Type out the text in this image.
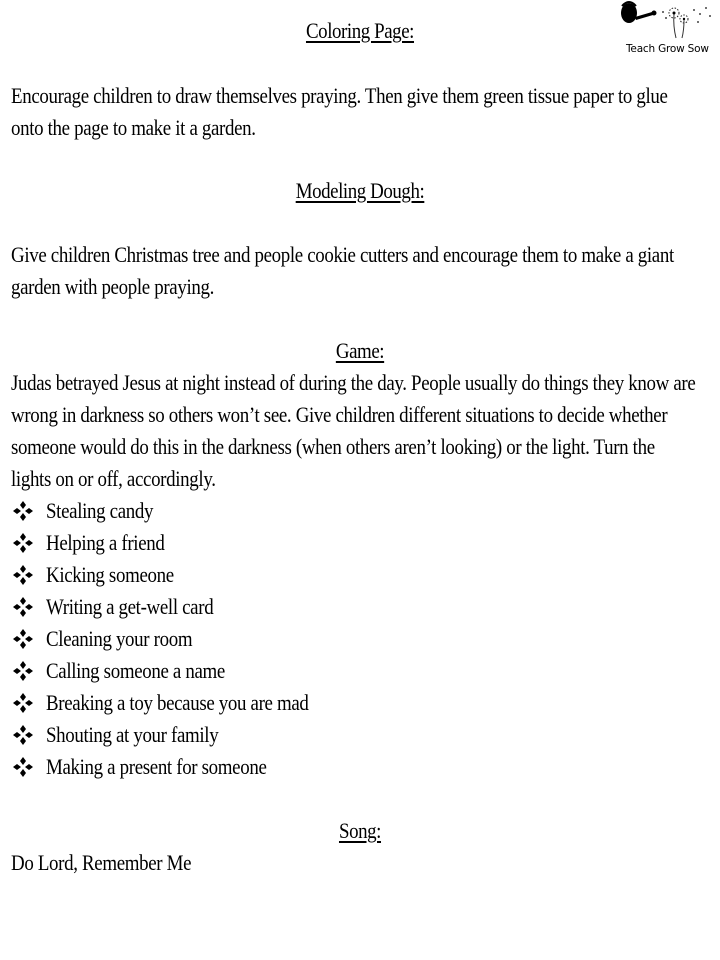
Teach Grow Sow
Coloring Page:
Encourage children to draw themselves praying. Then give them green tissue paper to glue
onto the page to make it a garden.
Modeling Dough:
Give children Christmas tree and people cookie cutters and encourage them to make a giant
garden with people praying.
Game:
Judas betrayed Jesus at night instead of during the day. People usually do things they know are
wrong in darkness so others won’t see. Give children different situations to decide whether
someone would do this in the darkness (when others aren’t looking) or the light. Turn the
lights on or off, accordingly.
Stealing candy
Helping a friend
Kicking someone
Writing a get-well card
Cleaning your room
Calling someone a name
Breaking a toy because you are mad
Shouting at your family
Making a present for someone
Song:
Do Lord, Remember Me
